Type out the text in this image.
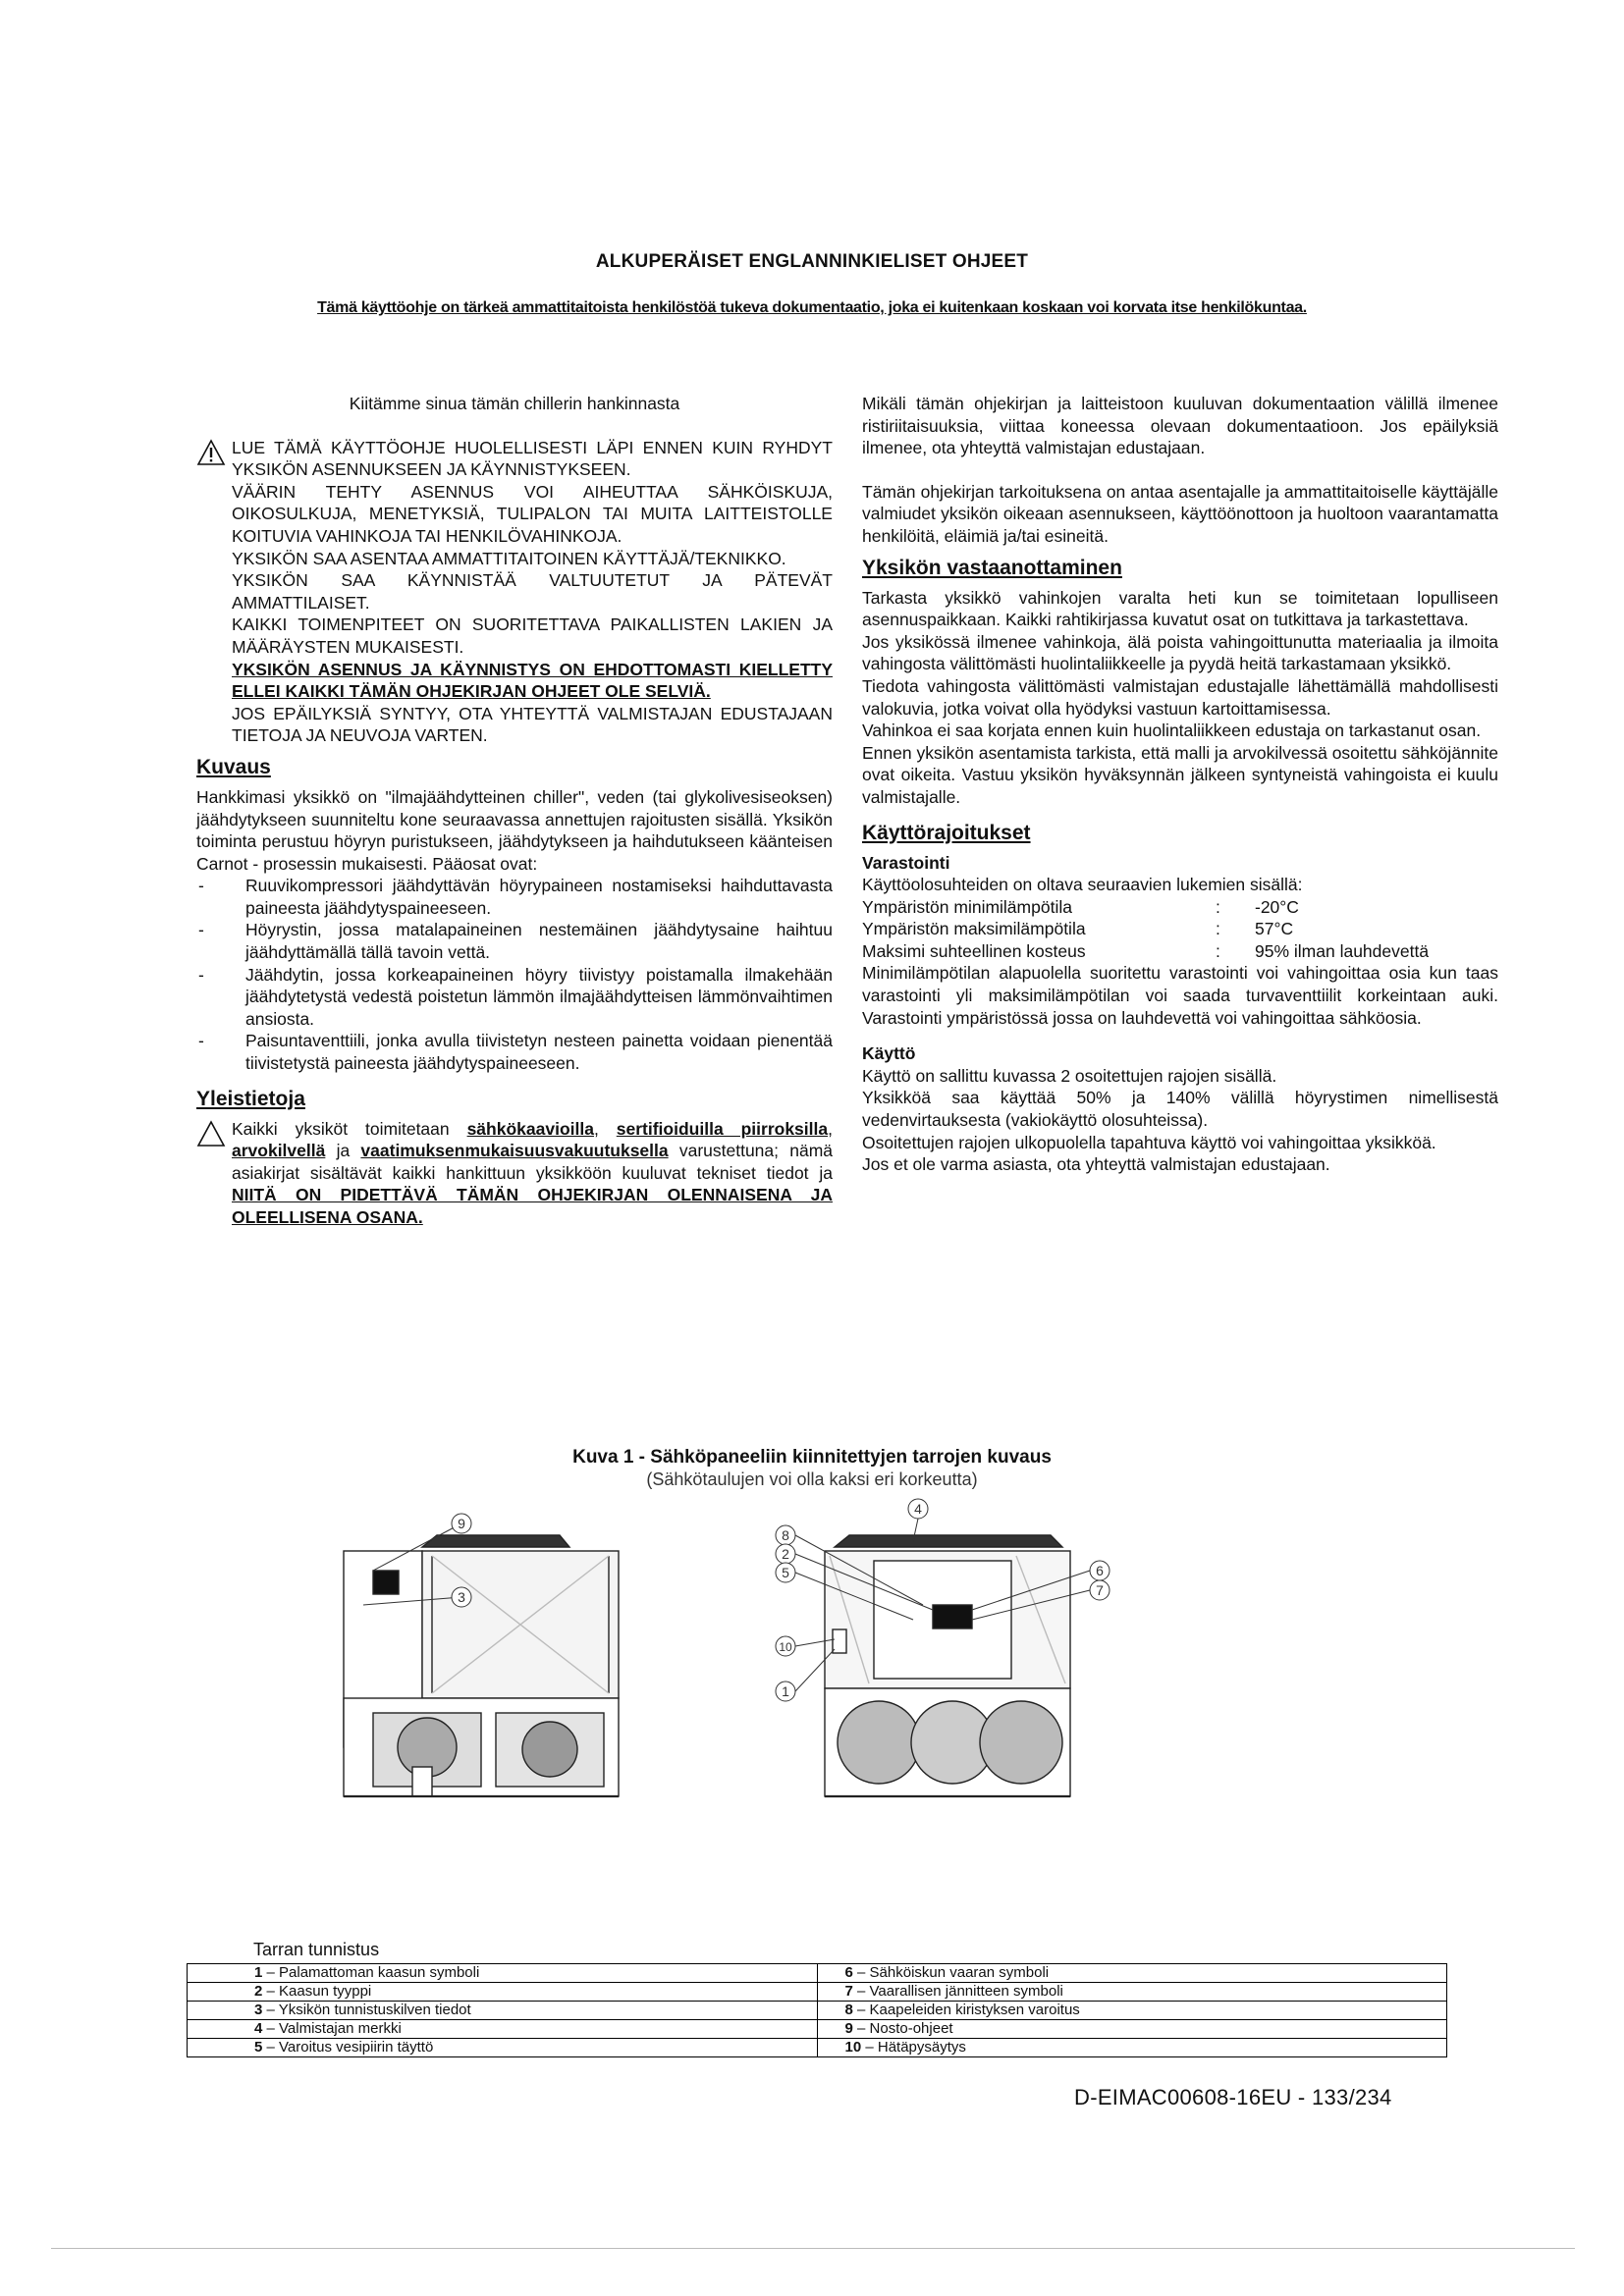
ALKUPERÄISET ENGLANNINKIELISET OHJEET
Tämä käyttöohje on tärkeä ammattitaitoista henkilöstöä tukeva dokumentaatio, joka ei kuitenkaan koskaan voi korvata itse henkilökuntaa.

Kiitämme sinua tämän chillerin hankinnasta

LUE TÄMÄ KÄYTTÖOHJE HUOLELLISESTI LÄPI ENNEN KUIN RYHDYT YKSIKÖN ASENNUKSEEN JA KÄYNNISTYKSEEN.

VÄÄRIN TEHTY ASENNUS VOI AIHEUTTAA SÄHKÖISKUJA, OIKOSULKUJA, MENETYKSIÄ, TULIPALON TAI MUITA LAITTEISTOLLE KOITUVIA VAHINKOJA TAI HENKILÖVAHINKOJA.

YKSIKÖN SAA ASENTAA AMMATTITAITOINEN KÄYTTÄJÄ/TEKNIKKO.

YKSIKÖN SAA KÄYNNISTÄÄ VALTUUTETUT JA PÄTEVÄT AMMATTILAISET.

KAIKKI TOIMENPITEET ON SUORITETTAVA PAIKALLISTEN LAKIEN JA MÄÄRÄYSTEN MUKAISESTI.

YKSIKÖN ASENNUS JA KÄYNNISTYS ON EHDOTTOMASTI KIELLETTY ELLEI KAIKKI TÄMÄN OHJEKIRJAN OHJEET OLE SELVIÄ.

JOS EPÄILYKSIÄ SYNTYY, OTA YHTEYTTÄ VALMISTAJAN EDUSTAJAAN TIETOJA JA NEUVOJA VARTEN.

Kuvaus

Hankkimasi yksikkö on "ilmajäähdytteinen chiller", veden (tai glykolivesiseoksen) jäähdytykseen suunniteltu kone seuraavassa annettujen rajoitusten sisällä. Yksikön toiminta perustuu höyryn puristukseen, jäähdytykseen ja haihdutukseen käänteisen Carnot - prosessin mukaisesti. Pääosat ovat:

- Ruuvikompressori jäähdyttävän höyrypaineen nostamiseksi haihduttavasta paineesta jäähdytyspaineeseen.
- Höyrystin, jossa matalapaineinen nestemäinen jäähdytysaine haihtuu jäähdyttämällä tällä tavoin vettä.
- Jäähdytin, jossa korkeapaineinen höyry tiivistyy poistamalla ilmakehään jäähdytetystä vedestä poistetun lämmön ilmajäähdytteisen lämmönvaihtimen ansiosta.
- Paisuntaventtiili, jonka avulla tiivistetyn nesteen painetta voidaan pienentää tiivistetystä paineesta jäähdytyspaineeseen.
Yleistietoja

Kaikki yksiköt toimitetaan sähkökaavioilla, sertifioiduilla piirroksilla, arvokilvellä ja vaatimuksenmukaisuusvakuutuksella varustettuna; nämä asiakirjat sisältävät kaikki hankittuun yksikköön kuuluvat tekniset tiedot ja NIITÄ ON PIDETTÄVÄ TÄMÄN OHJEKIRJAN OLENNAISENA JA OLEELLISENA OSANA.

Mikäli tämän ohjekirjan ja laitteistoon kuuluvan dokumentaation välillä ilmenee ristiriitaisuuksia, viittaa koneessa olevaan dokumentaatioon. Jos epäilyksiä ilmenee, ota yhteyttä valmistajan edustajaan.

Tämän ohjekirjan tarkoituksena on antaa asentajalle ja ammattitaitoiselle käyttäjälle valmiudet yksikön oikeaan asennukseen, käyttöönottoon ja huoltoon vaarantamatta henkilöitä, eläimiä ja/tai esineitä.

Yksikön vastaanottaminen

Tarkasta yksikkö vahinkojen varalta heti kun se toimitetaan lopulliseen asennuspaikkaan. Kaikki rahtikirjassa kuvatut osat on tutkittava ja tarkastettava.

Jos yksikössä ilmenee vahinkoja, älä poista vahingoittunutta materiaalia ja ilmoita vahingosta välittömästi huolintaliikkeelle ja pyydä heitä tarkastamaan yksikkö.

Tiedota vahingosta välittömästi valmistajan edustajalle lähettämällä mahdollisesti valokuvia, jotka voivat olla hyödyksi vastuun kartoittamisessa.

Vahinkoa ei saa korjata ennen kuin huolintaliikkeen edustaja on tarkastanut osan.

Ennen yksikön asentamista tarkista, että malli ja arvokilvessä osoitettu sähköjännite ovat oikeita. Vastuu yksikön hyväksynnän jälkeen syntyneistä vahingoista ei kuulu valmistajalle.

Käyttörajoitukset

Varastointi

Käyttöolosuhteiden on oltava seuraavien lukemien sisällä:

Ympäristön minimilämpötila	:	-20°C
Ympäristön maksimilämpötila	:	57°C
Maksimi suhteellinen kosteus	:	95% ilman lauhdevettä

Minimilämpötilan alapuolella suoritettu varastointi voi vahingoittaa osia kun taas varastointi yli maksimilämpötilan voi saada turvaventtiilit korkeintaan auki. Varastointi ympäristössä jossa on lauhdevettä voi vahingoittaa sähköosia.

Käyttö

Käyttö on sallittu kuvassa 2 osoitettujen rajojen sisällä.

Yksikköä saa käyttää 50% ja 140% välillä höyrystimen nimellisestä vedenvirtauksesta (vakiokäyttö olosuhteissa).

Osoitettujen rajojen ulkopuolella tapahtuva käyttö voi vahingoittaa yksikköä.

Jos et ole varma asiasta, ota yhteyttä valmistajan edustajaan.

Kuva 1 - Sähköpaneeliin kiinnitettyjen tarrojen kuvaus
(Sähkötaulujen voi olla kaksi eri korkeutta)
9
3
4
8
2
5
10
1
6
7
Tarran tunnistus
1 – Palamattoman kaasun symboli	6 – Sähköiskun vaaran symboli
2 – Kaasun tyyppi	7 – Vaarallisen jännitteen symboli
3 – Yksikön tunnistuskilven tiedot	8 – Kaapeleiden kiristyksen varoitus
4 – Valmistajan merkki	9 – Nosto-ohjeet
5 – Varoitus vesipiirin täyttö	10 – Hätäpysäytys
D-EIMAC00608-16EU - 133/234
